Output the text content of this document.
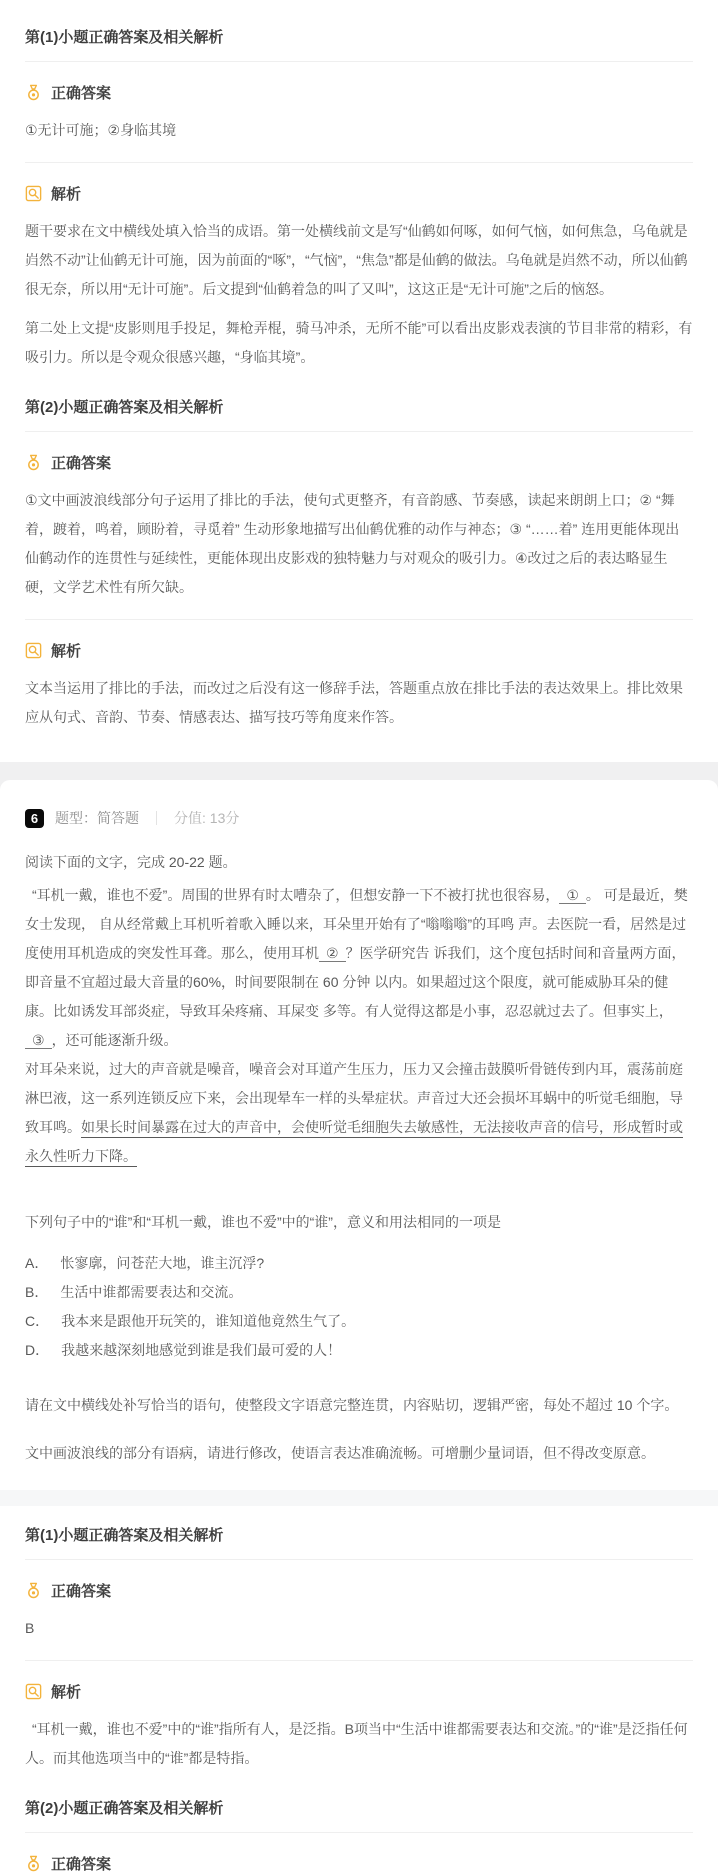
第(1)小题正确答案及相关解析
正确答案
①无计可施；②身临其境
解析

题干要求在文中横线处填入恰当的成语。第一处横线前文是写“仙鹤如何啄，如何气恼，如何焦急，乌龟就是岿然不动”让仙鹤无计可施，因为前面的“啄”，“气恼”，“焦急”都是仙鹤的做法。乌龟就是岿然不动，所以仙鹤很无奈，所以用“无计可施”。后文提到“仙鹤着急的叫了又叫”，这这正是“无计可施”之后的恼怒。

第二处上文提“皮影则甩手投足，舞枪弄棍，骑马冲杀，无所不能”可以看出皮影戏表演的节目非常的精彩，有吸引力。所以是令观众很感兴趣，“身临其境”。

第(2)小题正确答案及相关解析
正确答案
①文中画波浪线部分句子运用了排比的手法，使句式更整齐，有音韵感、节奏感，读起来朗朗上口；② “舞着，踱着，鸣着，顾盼着，寻觅着” 生动形象地描写出仙鹤优雅的动作与神态；③ “……着” 连用更能体现出仙鹤动作的连贯性与延续性，更能体现出皮影戏的独特魅力与对观众的吸引力。④改过之后的表达略显生硬，文学艺术性有所欠缺。
解析

文本当运用了排比的手法，而改过之后没有这一修辞手法，答题重点放在排比手法的表达效果上。排比效果应从句式、音韵、节奏、情感表达、描写技巧等角度来作答。

6	题型：简答题	分值: 13分
阅读下面的文字，完成 20-22 题。

“耳机一戴，谁也不爱”。周围的世界有时太嘈杂了，但想安静一下不被打扰也很容易， ① 。 可是最近，樊女士发现， 自从经常戴上耳机听着歌入睡以来，耳朵里开始有了“嗡嗡嗡”的耳鸣 声。去医院一看，居然是过度使用耳机造成的突发性耳聋。那么，使用耳机 ② ？医学研究告 诉我们，这个度包括时间和音量两方面，即音量不宜超过最大音量的60%，时间要限制在 60 分钟 以内。如果超过这个限度，就可能威胁耳朵的健康。比如诱发耳部炎症，导致耳朵疼痛、耳屎变 多等。有人觉得这都是小事，忍忍就过去了。但事实上，③ ，还可能逐渐升级。

对耳朵来说，过大的声音就是噪音，噪音会对耳道产生压力，压力又会撞击鼓膜听骨链传到内耳，震荡前庭淋巴液，这一系列连锁反应下来，会出现晕车一样的头晕症状。声音过大还会损坏耳蜗中的听觉毛细胞，导致耳鸣。如果长时间暴露在过大的声音中，会使听觉毛细胞失去敏感性，无法接收声音的信号，形成暂时或永久性听力下降。

下列句子中的“谁”和“耳机一戴，谁也不爱”中的“谁”，意义和用法相同的一项是
A． 怅寥廓，问苍茫大地，谁主沉浮?
B． 生活中谁都需要表达和交流。
C． 我本来是跟他开玩笑的，谁知道他竟然生气了。
D． 我越来越深刻地感觉到谁是我们最可爱的人！
请在文中横线处补写恰当的语句，使整段文字语意完整连贯，内容贴切，逻辑严密，每处不超过 10 个字。
文中画波浪线的部分有语病，请进行修改，使语言表达准确流畅。可增删少量词语，但不得改变原意。
第(1)小题正确答案及相关解析
正确答案
B
解析

“耳机一戴，谁也不爱”中的“谁”指所有人，是泛指。B项当中“生活中谁都需要表达和交流。”的“谁”是泛指任何人。而其他选项当中的“谁”都是特指。

第(2)小题正确答案及相关解析
正确答案
